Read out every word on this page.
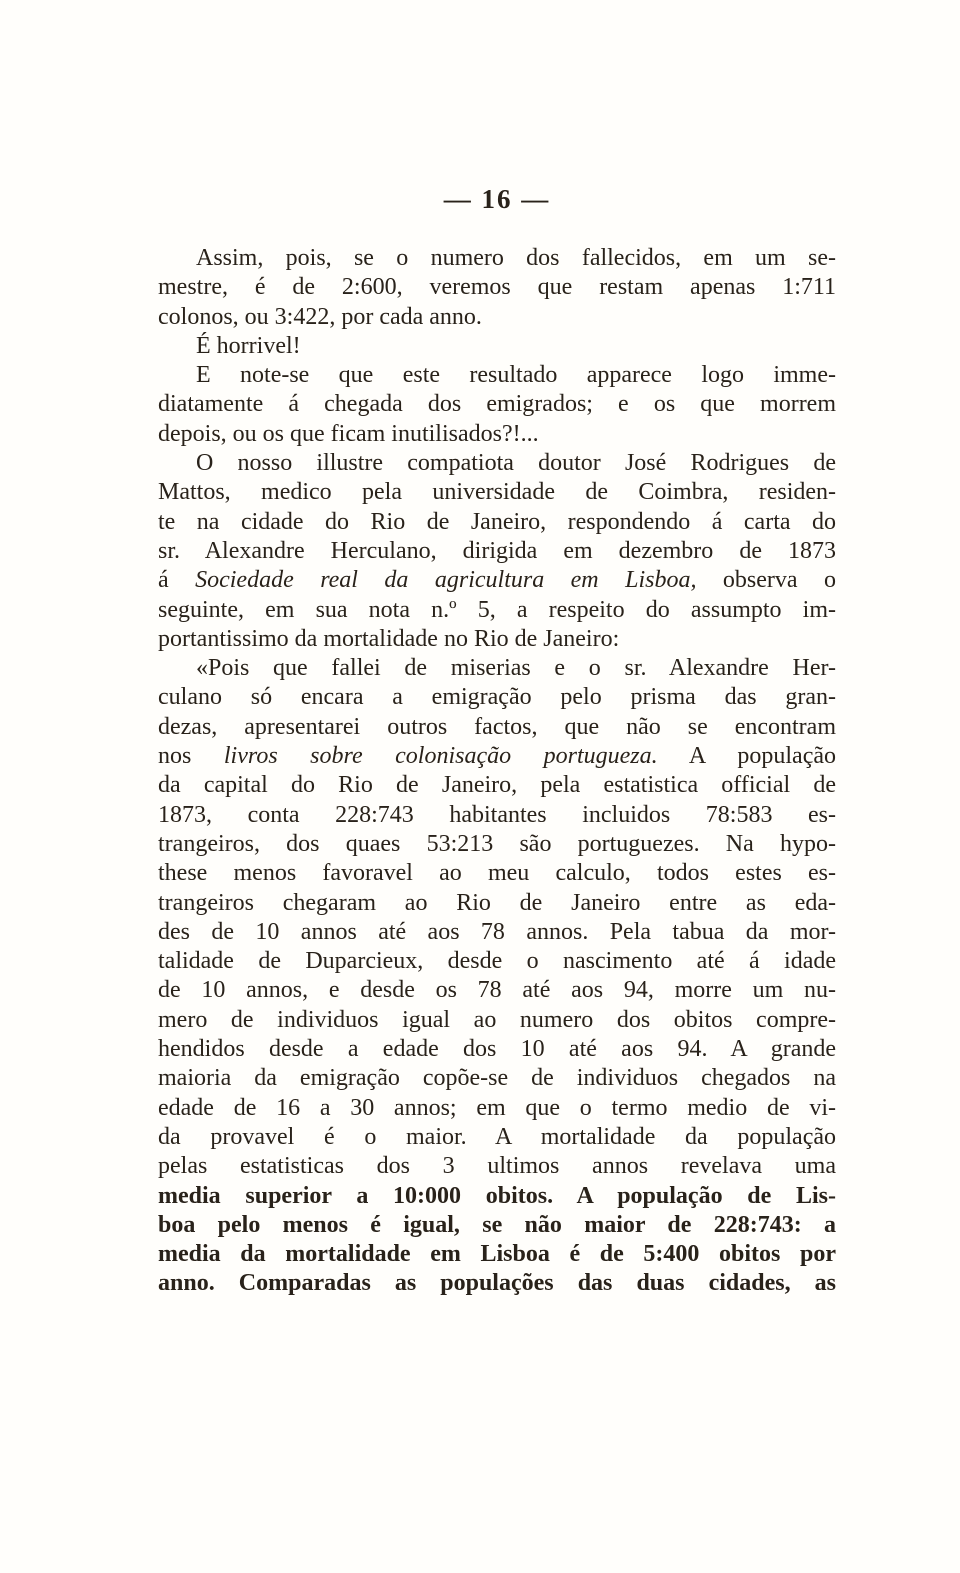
— 16 —
Assim, pois, se o numero dos fallecidos, em um se-
mestre, é de 2:600, veremos que restam apenas 1:711
colonos, ou 3:422, por cada anno.
É horrivel!
E note-se que este resultado apparece logo imme-
diatamente á chegada dos emigrados; e os que morrem
depois, ou os que ficam inutilisados?!...
O nosso illustre compatiota doutor José Rodrigues de
Mattos, medico pela universidade de Coimbra, residen-
te na cidade do Rio de Janeiro, respondendo á carta do
sr. Alexandre Herculano, dirigida em dezembro de 1873
á Sociedade real da agricultura em Lisboa, observa o
seguinte, em sua nota n.º 5, a respeito do assumpto im-
portantissimo da mortalidade no Rio de Janeiro:
«Pois que fallei de miserias e o sr. Alexandre Her-
culano só encara a emigração pelo prisma das gran-
dezas, apresentarei outros factos, que não se encontram
nos livros sobre colonisação portugueza. A população
da capital do Rio de Janeiro, pela estatistica official de
1873, conta 228:743 habitantes incluidos 78:583 es-
trangeiros, dos quaes 53:213 são portuguezes. Na hypo-
these menos favoravel ao meu calculo, todos estes es-
trangeiros chegaram ao Rio de Janeiro entre as eda-
des de 10 annos até aos 78 annos. Pela tabua da mor-
talidade de Duparcieux, desde o nascimento até á idade
de 10 annos, e desde os 78 até aos 94, morre um nu-
mero de individuos igual ao numero dos obitos compre-
hendidos desde a edade dos 10 até aos 94. A grande
maioria da emigração copõe-se de individuos chegados na
edade de 16 a 30 annos; em que o termo medio de vi-
da provavel é o maior. A mortalidade da população
pelas estatisticas dos 3 ultimos annos revelava uma
media superior a 10:000 obitos. A população de Lis-
boa pelo menos é igual, se não maior de 228:743: a
media da mortalidade em Lisboa é de 5:400 obitos por
anno. Comparadas as populações das duas cidades, as
